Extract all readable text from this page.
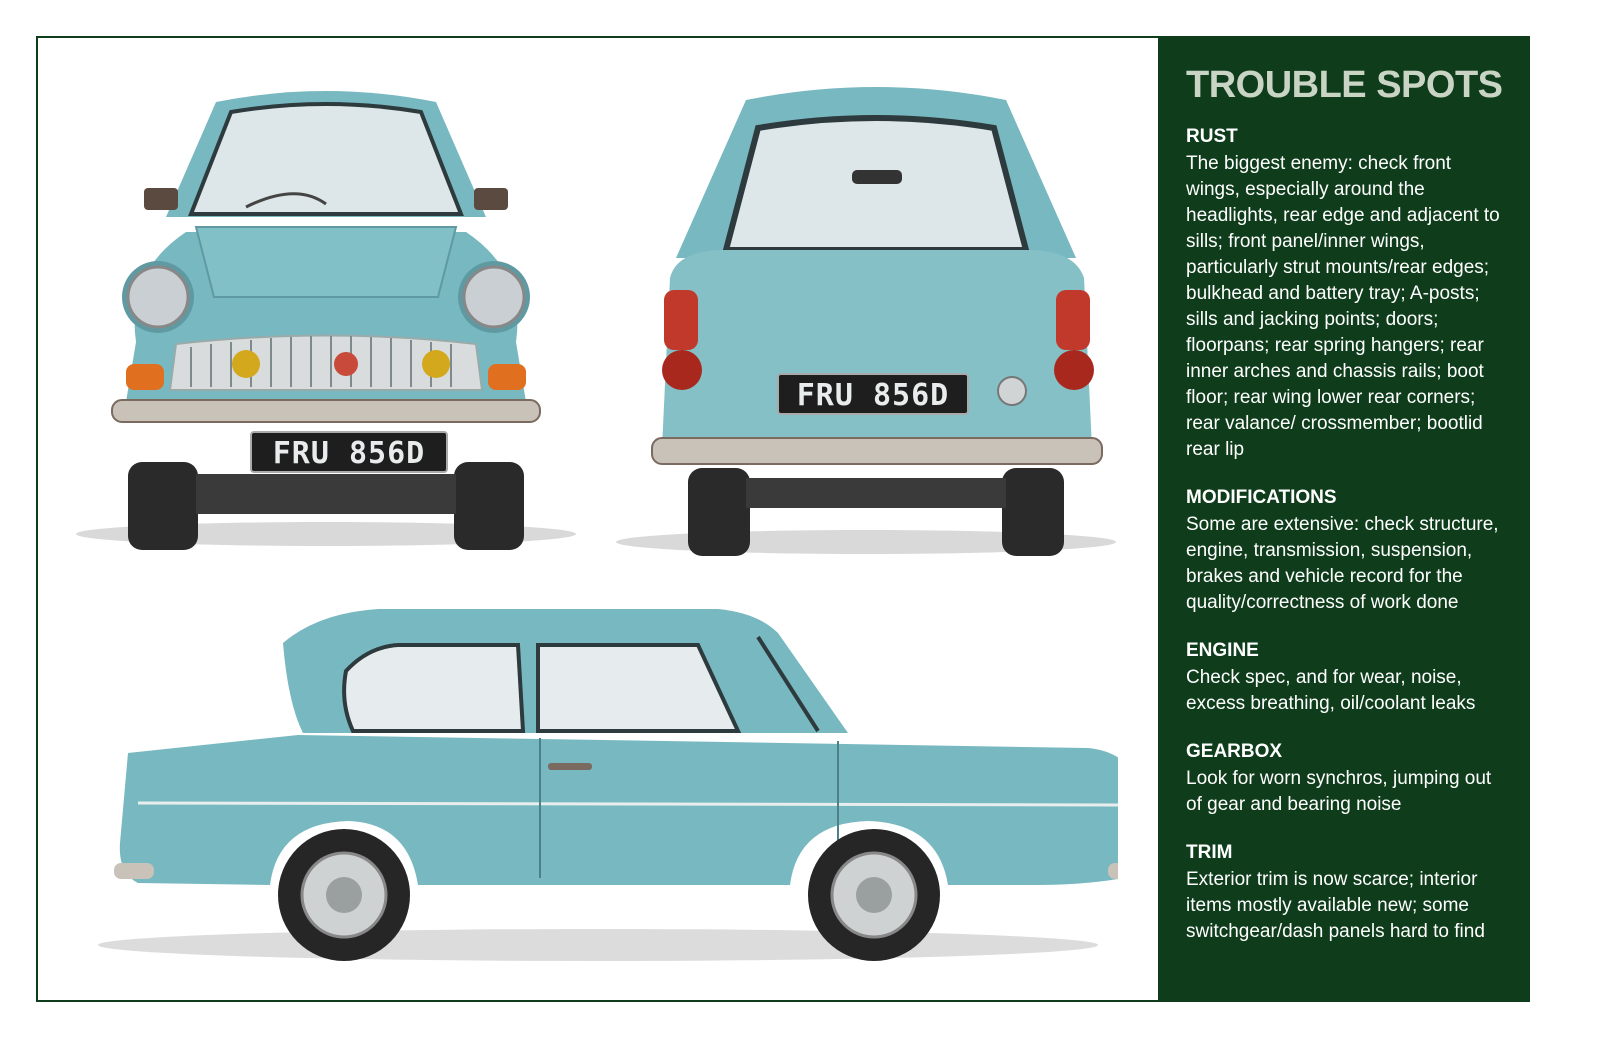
FRU 856D
FRU 856D
TROUBLE SPOTS
RUST

The biggest enemy: check front wings, especially around the headlights, rear edge and adjacent to sills; front panel/inner wings, particularly strut mounts/rear edges; bulkhead and battery tray; A-posts; sills and jacking points; doors; floorpans; rear spring hangers; rear inner arches and chassis rails; boot floor; rear wing lower rear corners; rear valance/ crossmember; bootlid rear lip

MODIFICATIONS

Some are extensive: check structure, engine, transmission, suspension, brakes and vehicle record for the quality/correctness of work done

ENGINE

Check spec, and for wear, noise, excess breathing, oil/coolant leaks

GEARBOX

Look for worn synchros, jumping out of gear and bearing noise

TRIM

Exterior trim is now scarce; interior items mostly available new; some switchgear/dash panels hard to find
